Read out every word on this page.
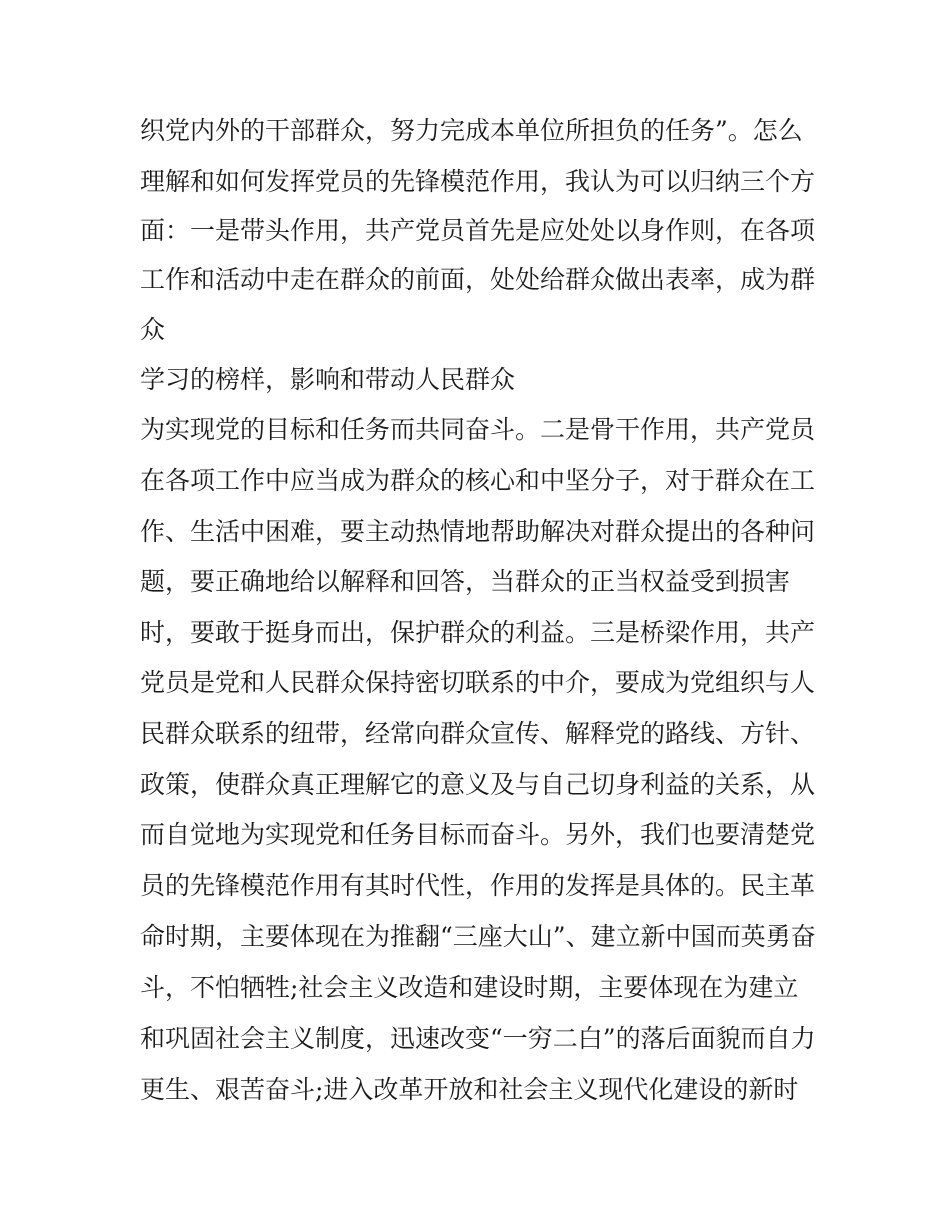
织党内外的干部群众，努力完成本单位所担负的任务”。怎么
理解和如何发挥党员的先锋模范作用，我认为可以归纳三个方
面：一是带头作用，共产党员首先是应处处以身作则，在各项
工作和活动中走在群众的前面，处处给群众做出表率，成为群
众
学习的榜样，影响和带动人民群众
为实现党的目标和任务而共同奋斗。二是骨干作用，共产党员
在各项工作中应当成为群众的核心和中坚分子，对于群众在工
作、生活中困难，要主动热情地帮助解决对群众提出的各种问
题，要正确地给以解释和回答，当群众的正当权益受到损害
时，要敢于挺身而出，保护群众的利益。三是桥梁作用，共产
党员是党和人民群众保持密切联系的中介，要成为党组织与人
民群众联系的纽带，经常向群众宣传、解释党的路线、方针、
政策，使群众真正理解它的意义及与自己切身利益的关系，从
而自觉地为实现党和任务目标而奋斗。另外，我们也要清楚党
员的先锋模范作用有其时代性，作用的发挥是具体的。民主革
命时期，主要体现在为推翻“三座大山”、建立新中国而英勇奋
斗，不怕牺牲;社会主义改造和建设时期，主要体现在为建立
和巩固社会主义制度，迅速改变“一穷二白”的落后面貌而自力
更生、艰苦奋斗;进入改革开放和社会主义现代化建设的新时
